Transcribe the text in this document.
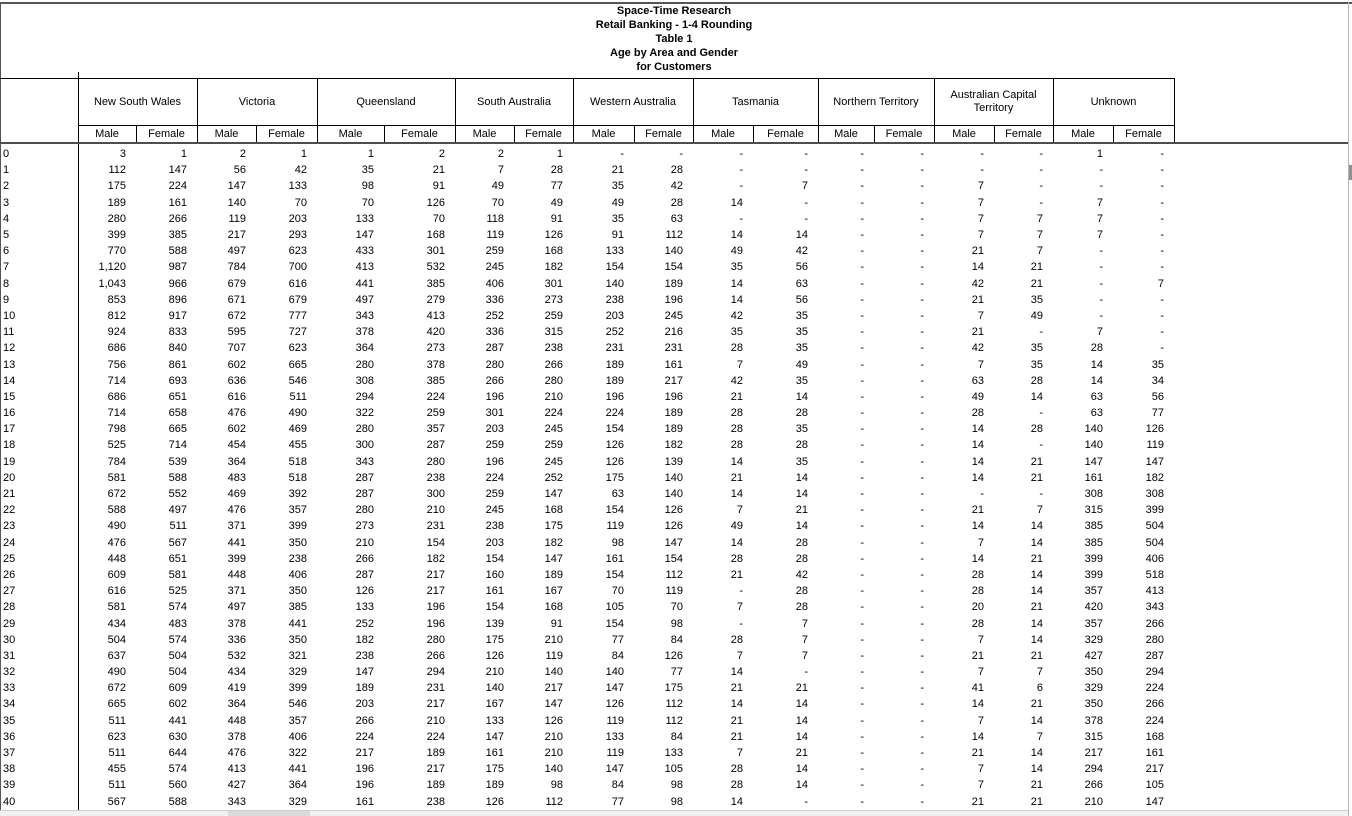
Space-Time Research
Retail Banking - 1-4 Rounding
Table 1
Age by Area and Gender
for Customers
New South Wales
Male	Female
Victoria
Male	Female
Queensland
Male	Female
South Australia
Male	Female
Western Australia
Male	Female
Tasmania
Male	Female
Northern Territory
Male	Female
Australian Capital Territory
Male	Female
Unknown
Male	Female
0	3	1	2	1	1	2	2	1	-	-	-	-	-	-	-	-	1	-
1	112	147	56	42	35	21	7	28	21	28	-	-	-	-	-	-	-	-
2	175	224	147	133	98	91	49	77	35	42	-	7	-	-	7	-	-	-
3	189	161	140	70	70	126	70	49	49	28	14	-	-	-	7	-	7	-
4	280	266	119	203	133	70	118	91	35	63	-	-	-	-	7	7	7	-
5	399	385	217	293	147	168	119	126	91	112	14	14	-	-	7	7	7	-
6	770	588	497	623	433	301	259	168	133	140	49	42	-	-	21	7	-	-
7	1,120	987	784	700	413	532	245	182	154	154	35	56	-	-	14	21	-	-
8	1,043	966	679	616	441	385	406	301	140	189	14	63	-	-	42	21	-	7
9	853	896	671	679	497	279	336	273	238	196	14	56	-	-	21	35	-	-
10	812	917	672	777	343	413	252	259	203	245	42	35	-	-	7	49	-	-
11	924	833	595	727	378	420	336	315	252	216	35	35	-	-	21	-	7	-
12	686	840	707	623	364	273	287	238	231	231	28	35	-	-	42	35	28	-
13	756	861	602	665	280	378	280	266	189	161	7	49	-	-	7	35	14	35
14	714	693	636	546	308	385	266	280	189	217	42	35	-	-	63	28	14	34
15	686	651	616	511	294	224	196	210	196	196	21	14	-	-	49	14	63	56
16	714	658	476	490	322	259	301	224	224	189	28	28	-	-	28	-	63	77
17	798	665	602	469	280	357	203	245	154	189	28	35	-	-	14	28	140	126
18	525	714	454	455	300	287	259	259	126	182	28	28	-	-	14	-	140	119
19	784	539	364	518	343	280	196	245	126	139	14	35	-	-	14	21	147	147
20	581	588	483	518	287	238	224	252	175	140	21	14	-	-	14	21	161	182
21	672	552	469	392	287	300	259	147	63	140	14	14	-	-	-	-	308	308
22	588	497	476	357	280	210	245	168	154	126	7	21	-	-	21	7	315	399
23	490	511	371	399	273	231	238	175	119	126	49	14	-	-	14	14	385	504
24	476	567	441	350	210	154	203	182	98	147	14	28	-	-	7	14	385	504
25	448	651	399	238	266	182	154	147	161	154	28	28	-	-	14	21	399	406
26	609	581	448	406	287	217	160	189	154	112	21	42	-	-	28	14	399	518
27	616	525	371	350	126	217	161	167	70	119	-	28	-	-	28	14	357	413
28	581	574	497	385	133	196	154	168	105	70	7	28	-	-	20	21	420	343
29	434	483	378	441	252	196	139	91	154	98	-	7	-	-	28	14	357	266
30	504	574	336	350	182	280	175	210	77	84	28	7	-	-	7	14	329	280
31	637	504	532	321	238	266	126	119	84	126	7	7	-	-	21	21	427	287
32	490	504	434	329	147	294	210	140	140	77	14	-	-	-	7	7	350	294
33	672	609	419	399	189	231	140	217	147	175	21	21	-	-	41	6	329	224
34	665	602	364	546	203	217	167	147	126	112	14	14	-	-	14	21	350	266
35	511	441	448	357	266	210	133	126	119	112	21	14	-	-	7	14	378	224
36	623	630	378	406	224	224	147	210	133	84	21	14	-	-	14	7	315	168
37	511	644	476	322	217	189	161	210	119	133	7	21	-	-	21	14	217	161
38	455	574	413	441	196	217	175	140	147	105	28	14	-	-	7	14	294	217
39	511	560	427	364	196	189	189	98	84	98	28	14	-	-	7	21	266	105
40	567	588	343	329	161	238	126	112	77	98	14	-	-	-	21	21	210	147
